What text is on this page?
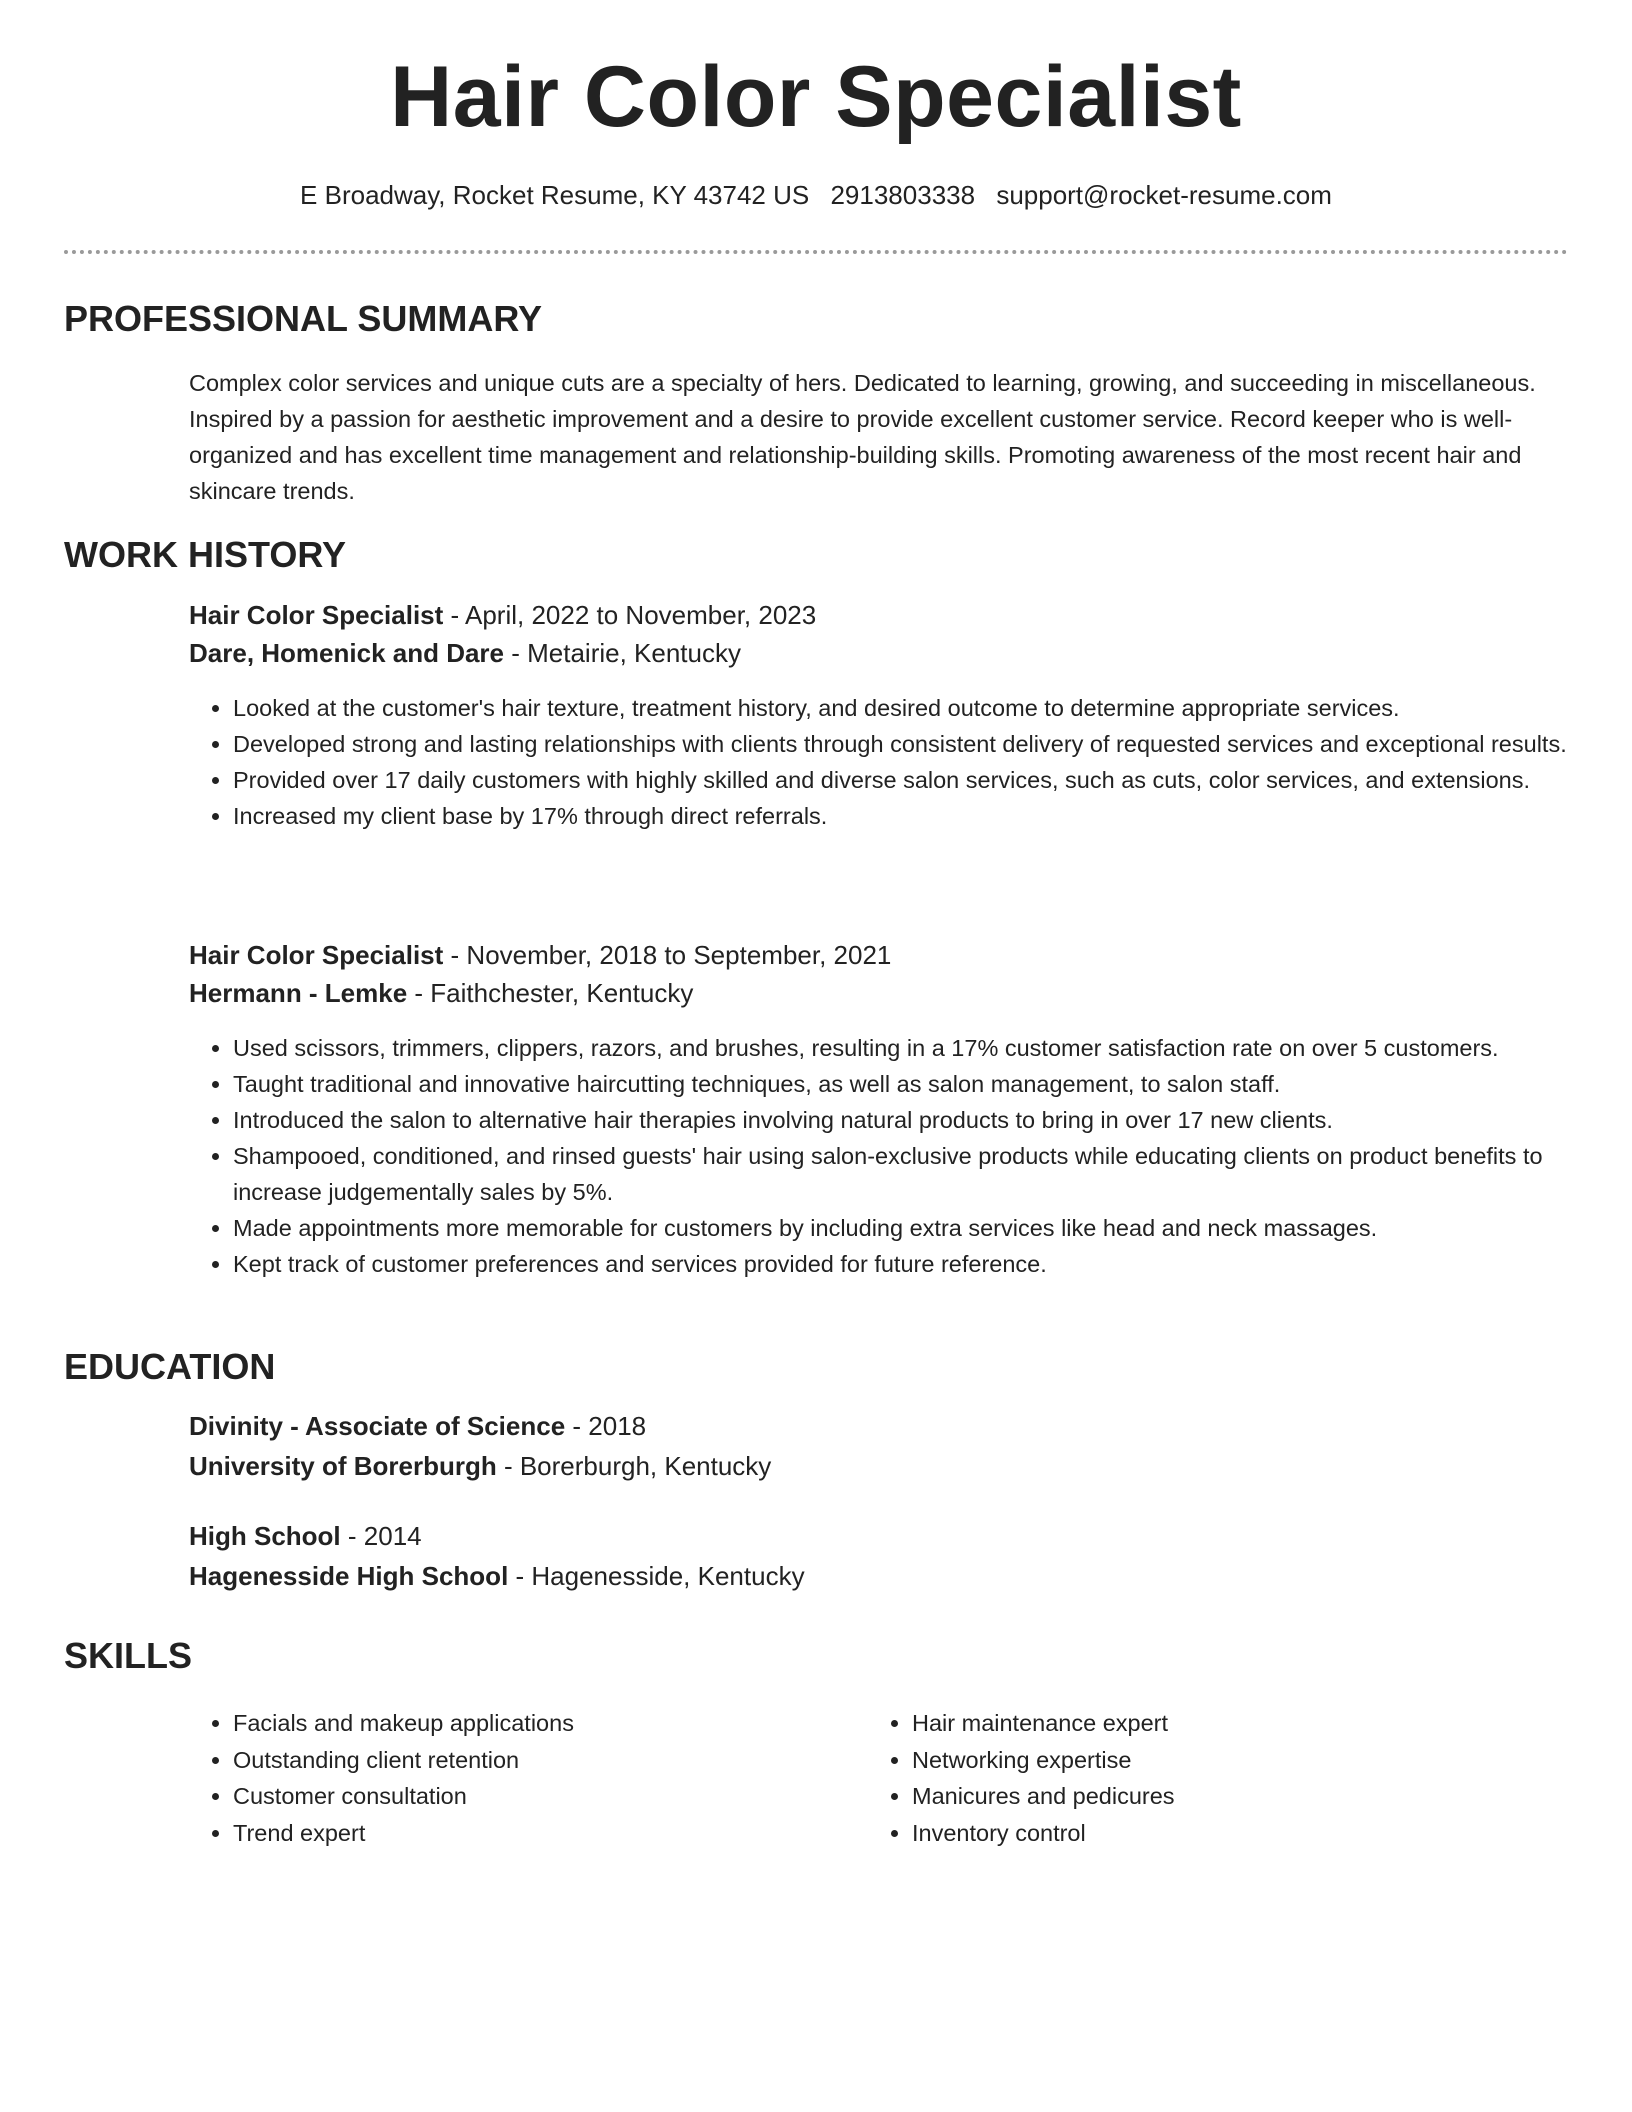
Hair Color Specialist
E Broadway, Rocket Resume, KY 43742 US 2913803338 support@rocket-resume.com
PROFESSIONAL SUMMARY
Complex color services and unique cuts are a specialty of hers. Dedicated to learning, growing, and succeeding in miscellaneous. Inspired by a passion for aesthetic improvement and a desire to provide excellent customer service. Record keeper who is well-organized and has excellent time management and relationship-building skills. Promoting awareness of the most recent hair and skincare trends.
WORK HISTORY
Hair Color Specialist - April, 2022 to November, 2023
Dare, Homenick and Dare - Metairie, Kentucky
• Looked at the customer's hair texture, treatment history, and desired outcome to determine appropriate services.
• Developed strong and lasting relationships with clients through consistent delivery of requested services and exceptional results.
• Provided over 17 daily customers with highly skilled and diverse salon services, such as cuts, color services, and extensions.
• Increased my client base by 17% through direct referrals.
Hair Color Specialist - November, 2018 to September, 2021
Hermann - Lemke - Faithchester, Kentucky
• Used scissors, trimmers, clippers, razors, and brushes, resulting in a 17% customer satisfaction rate on over 5 customers.
• Taught traditional and innovative haircutting techniques, as well as salon management, to salon staff.
• Introduced the salon to alternative hair therapies involving natural products to bring in over 17 new clients.
• Shampooed, conditioned, and rinsed guests' hair using salon-exclusive products while educating clients on product benefits to increase judgementally sales by 5%.
• Made appointments more memorable for customers by including extra services like head and neck massages.
• Kept track of customer preferences and services provided for future reference.
EDUCATION
Divinity - Associate of Science - 2018
University of Borerburgh - Borerburgh, Kentucky
High School - 2014
Hagenesside High School - Hagenesside, Kentucky
SKILLS
• Facials and makeup applications
• Outstanding client retention
• Customer consultation
• Trend expert
• Hair maintenance expert
• Networking expertise
• Manicures and pedicures
• Inventory control
